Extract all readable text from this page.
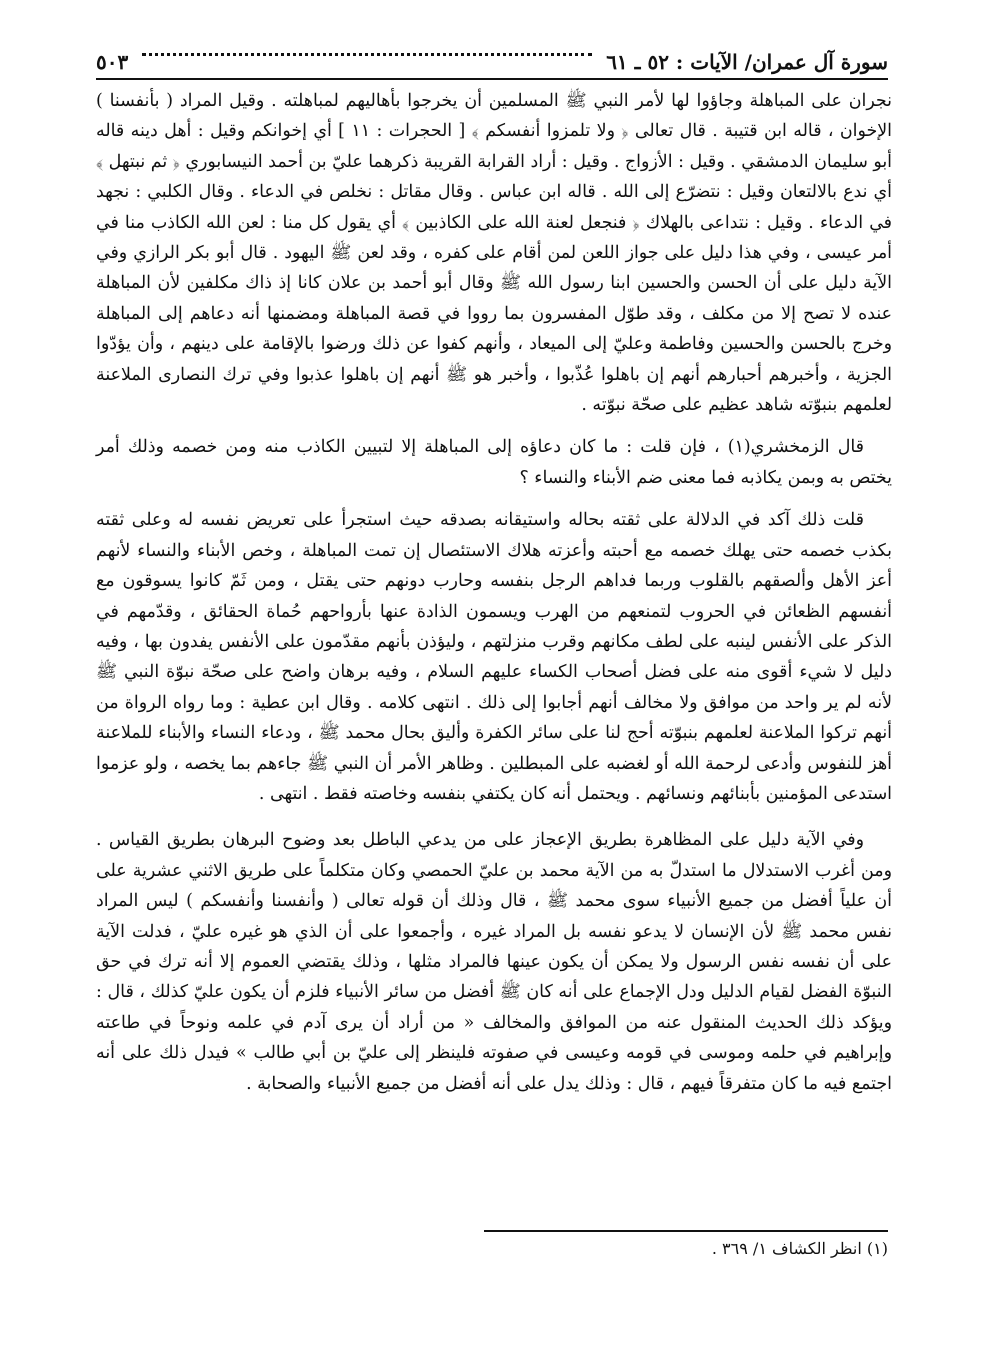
سورة آل عمران/ الآيات : ٥٢ ـ ٦١
٥٠٣

نجران على المباهلة وجاؤوا لها لأمر النبي ﷺ المسلمين أن يخرجوا بأهاليهم لمباهلته . وقيل المراد ( بأنفسنا ) الإخوان ، قاله ابن قتيبة . قال تعالى ﴿ ولا تلمزوا أنفسكم ﴾ [ الحجرات : ١١ ] أي إخوانكم وقيل : أهل دينه قاله أبو سليمان الدمشقي . وقيل : الأزواج . وقيل : أراد القرابة القريبة ذكرهما عليّ بن أحمد النيسابوري ﴿ ثم نبتهل ﴾ أي ندع بالالتعان وقيل : نتضرّع إلى الله . قاله ابن عباس . وقال مقاتل : نخلص في الدعاء . وقال الكلبي : نجهد في الدعاء . وقيل : نتداعى بالهلاك ﴿ فنجعل لعنة الله على الكاذبين ﴾ أي يقول كل منا : لعن الله الكاذب منا في أمر عيسى ، وفي هذا دليل على جواز اللعن لمن أقام على كفره ، وقد لعن ﷺ اليهود . قال أبو بكر الرازي وفي الآية دليل على أن الحسن والحسين ابنا رسول الله ﷺ وقال أبو أحمد بن علان كانا إذ ذاك مكلفين لأن المباهلة عنده لا تصح إلا من مكلف ، وقد طوّل المفسرون بما رووا في قصة المباهلة ومضمنها أنه دعاهم إلى المباهلة وخرج بالحسن والحسين وفاطمة وعليّ إلى الميعاد ، وأنهم كفوا عن ذلك ورضوا بالإقامة على دينهم ، وأن يؤدّوا الجزية ، وأخبرهم أحبارهم أنهم إن باهلوا عُذّبوا ، وأخبر هو ﷺ أنهم إن باهلوا عذبوا وفي ترك النصارى الملاعنة لعلمهم بنبوّته شاهد عظيم على صحّة نبوّته .

قال الزمخشري(١) ، فإن قلت : ما كان دعاؤه إلى المباهلة إلا لتبيين الكاذب منه ومن خصمه وذلك أمر يختص به وبمن يكاذبه فما معنى ضم الأبناء والنساء ؟

قلت ذلك آكد في الدلالة على ثقته بحاله واستيقانه بصدقه حيث استجرأ على تعريض نفسه له وعلى ثقته بكذب خصمه حتى يهلك خصمه مع أحبته وأعزته هلاك الاستئصال إن تمت المباهلة ، وخص الأبناء والنساء لأنهم أعز الأهل وألصقهم بالقلوب وربما فداهم الرجل بنفسه وحارب دونهم حتى يقتل ، ومن ثَمّ كانوا يسوقون مع أنفسهم الظعائن في الحروب لتمنعهم من الهرب ويسمون الذادة عنها بأرواحهم حُماة الحقائق ، وقدّمهم في الذكر على الأنفس لينبه على لطف مكانهم وقرب منزلتهم ، وليؤذن بأنهم مقدّمون على الأنفس يفدون بها ، وفيه دليل لا شيء أقوى منه على فضل أصحاب الكساء عليهم السلام ، وفيه برهان واضح على صحّة نبوّة النبي ﷺ لأنه لم ير واحد من موافق ولا مخالف أنهم أجابوا إلى ذلك . انتهى كلامه . وقال ابن عطية : وما رواه الرواة من أنهم تركوا الملاعنة لعلمهم بنبوّته أحج لنا على سائر الكفرة وأليق بحال محمد ﷺ ، ودعاء النساء والأبناء للملاعنة أهز للنفوس وأدعى لرحمة الله أو لغضبه على المبطلين . وظاهر الأمر أن النبي ﷺ جاءهم بما يخصه ، ولو عزموا استدعى المؤمنين بأبنائهم ونسائهم . ويحتمل أنه كان يكتفي بنفسه وخاصته فقط . انتهى .

وفي الآية دليل على المظاهرة بطريق الإعجاز على من يدعي الباطل بعد وضوح البرهان بطريق القياس . ومن أغرب الاستدلال ما استدلّ به من الآية محمد بن عليّ الحمصي وكان متكلماً على طريق الاثني عشرية على أن علياً أفضل من جميع الأنبياء سوى محمد ﷺ ، قال وذلك أن قوله تعالى ( وأنفسنا وأنفسكم ) ليس المراد نفس محمد ﷺ لأن الإنسان لا يدعو نفسه بل المراد غيره ، وأجمعوا على أن الذي هو غيره عليّ ، فدلت الآية على أن نفسه نفس الرسول ولا يمكن أن يكون عينها فالمراد مثلها ، وذلك يقتضي العموم إلا أنه ترك في حق النبوّة الفضل لقيام الدليل ودل الإجماع على أنه كان ﷺ أفضل من سائر الأنبياء فلزم أن يكون عليّ كذلك ، قال : ويؤكد ذلك الحديث المنقول عنه من الموافق والمخالف « من أراد أن يرى آدم في علمه ونوحاً في طاعته وإبراهيم في حلمه وموسى في قومه وعيسى في صفوته فلينظر إلى عليّ بن أبي طالب » فيدل ذلك على أنه اجتمع فيه ما كان متفرقاً فيهم ، قال : وذلك يدل على أنه أفضل من جميع الأنبياء والصحابة .

(١) انظر الكشاف ١/ ٣٦٩ .
